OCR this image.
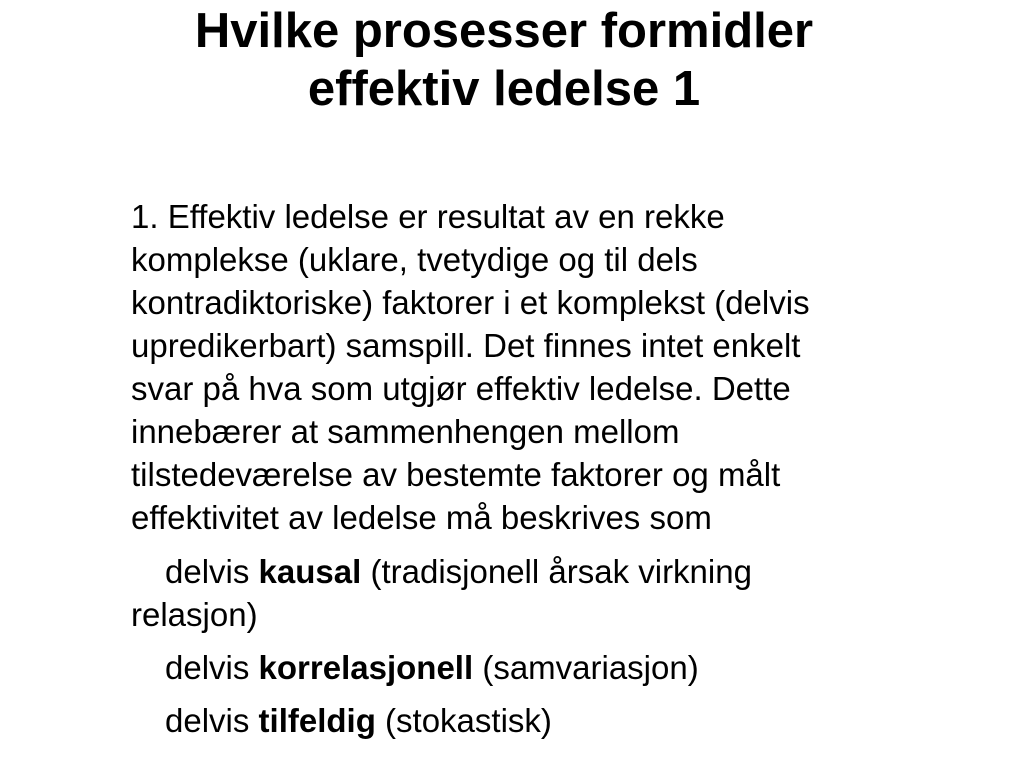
Hvilke prosesser formidler
effektiv ledelse 1

1. Effektiv ledelse er resultat av en rekke
komplekse (uklare, tvetydige og til dels
kontradiktoriske) faktorer i et komplekst (delvis
upredikerbart) samspill. Det finnes intet enkelt
svar på hva som utgjør effektiv ledelse. Dette
innebærer at sammenhengen mellom
tilstedeværelse av bestemte faktorer og målt
effektivitet av ledelse må beskrives som

delvis kausal (tradisjonell årsak virkning
relasjon)

delvis korrelasjonell (samvariasjon)

delvis tilfeldig (stokastisk)
